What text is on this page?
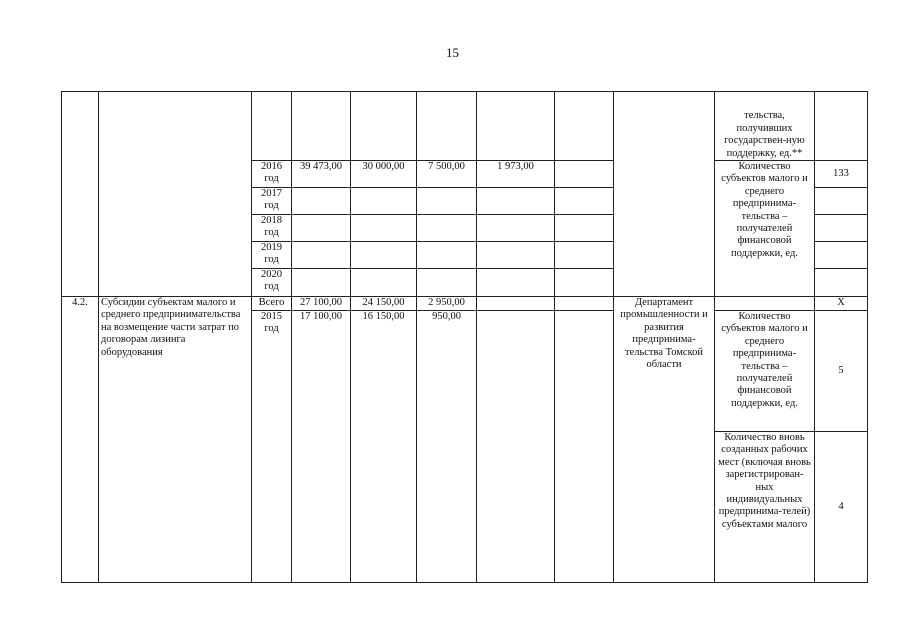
15
									тельства, получивших государствен-ную поддержку, ед.**	
		2016 год	39 473,00	30 000,00	7 500,00	1 973,00			Количество субъектов малого и среднего предпринима-тельства – получателей финансовой поддержки, ед.	133
		2017 год								
		2018 год								
		2019 год								
		2020 год								
4.2.	Субсидии субъектам малого и среднего предпринимательства на возмещение части затрат по договорам лизинга оборудования	Всего	27 100,00	24 150,00	2 950,00			Департамент промышленности и развития предпринима-тельства Томской области		Х
		2015 год	17 100,00	16 150,00	950,00				Количество субъектов малого и среднего предпринима-тельства – получателей финансовой поддержки, ед.	5
									Количество вновь созданных рабочих мест (включая вновь зарегистрирован-ных индивидуальных предпринима-телей) субъектами малого	4
